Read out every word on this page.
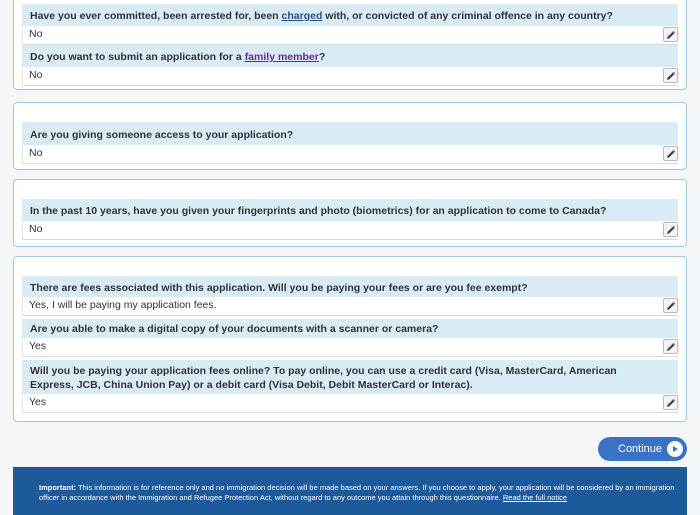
Have you ever committed, been arrested for, been charged with, or convicted of any criminal offence in any country?
No
Do you want to submit an application for a family member?
No
Are you giving someone access to your application?
No
In the past 10 years, have you given your fingerprints and photo (biometrics) for an application to come to Canada?
No
There are fees associated with this application. Will you be paying your fees or are you fee exempt?
Yes, I will be paying my application fees.
Are you able to make a digital copy of your documents with a scanner or camera?
Yes
Will you be paying your application fees online? To pay online, you can use a credit card (Visa, MasterCard, American Express, JCB, China Union Pay) or a debit card (Visa Debit, Debit MasterCard or Interac).
Yes
Continue
Important: This information is for reference only and no immigration decision will be made based on your answers. If you choose to apply, your application will be considered by an immigration officer in accordance with the Immigration and Refugee Protection Act, without regard to any outcome you attain through this questionnaire. Read the full notice
